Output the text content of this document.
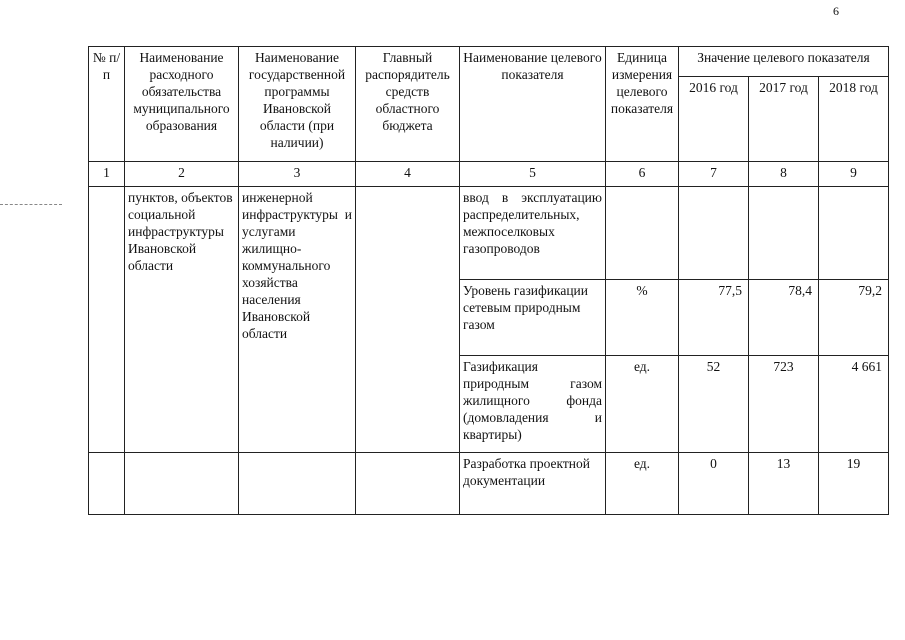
6
№ п/п	Наименование расходного обязательства муниципального образования	Наименование государственной программы Ивановской области (при наличии)	Главный распорядитель средств областного бюджета	Наименование целевого показателя	Единица измерения целевого показателя	Значение целевого показателя		
						2016 год	2017 год	2018 год
1	2	3	4	5	6	7	8	9
	пунктов, объектов социальной инфраструктуры Ивановской области	инженерной инфраструктуры и услугами жилищно-коммунального хозяйства населения Ивановской области		ввод в эксплуатацию распределительных, межпоселковых газопроводов				
				Уровень газификации сетевым природным газом	%	77,5	78,4	79,2
				Газификация природным газом жилищного фонда (домовладения и квартиры)	ед.	52	723	4 661
				Разработка проектной документации	ед.	0	13	19
